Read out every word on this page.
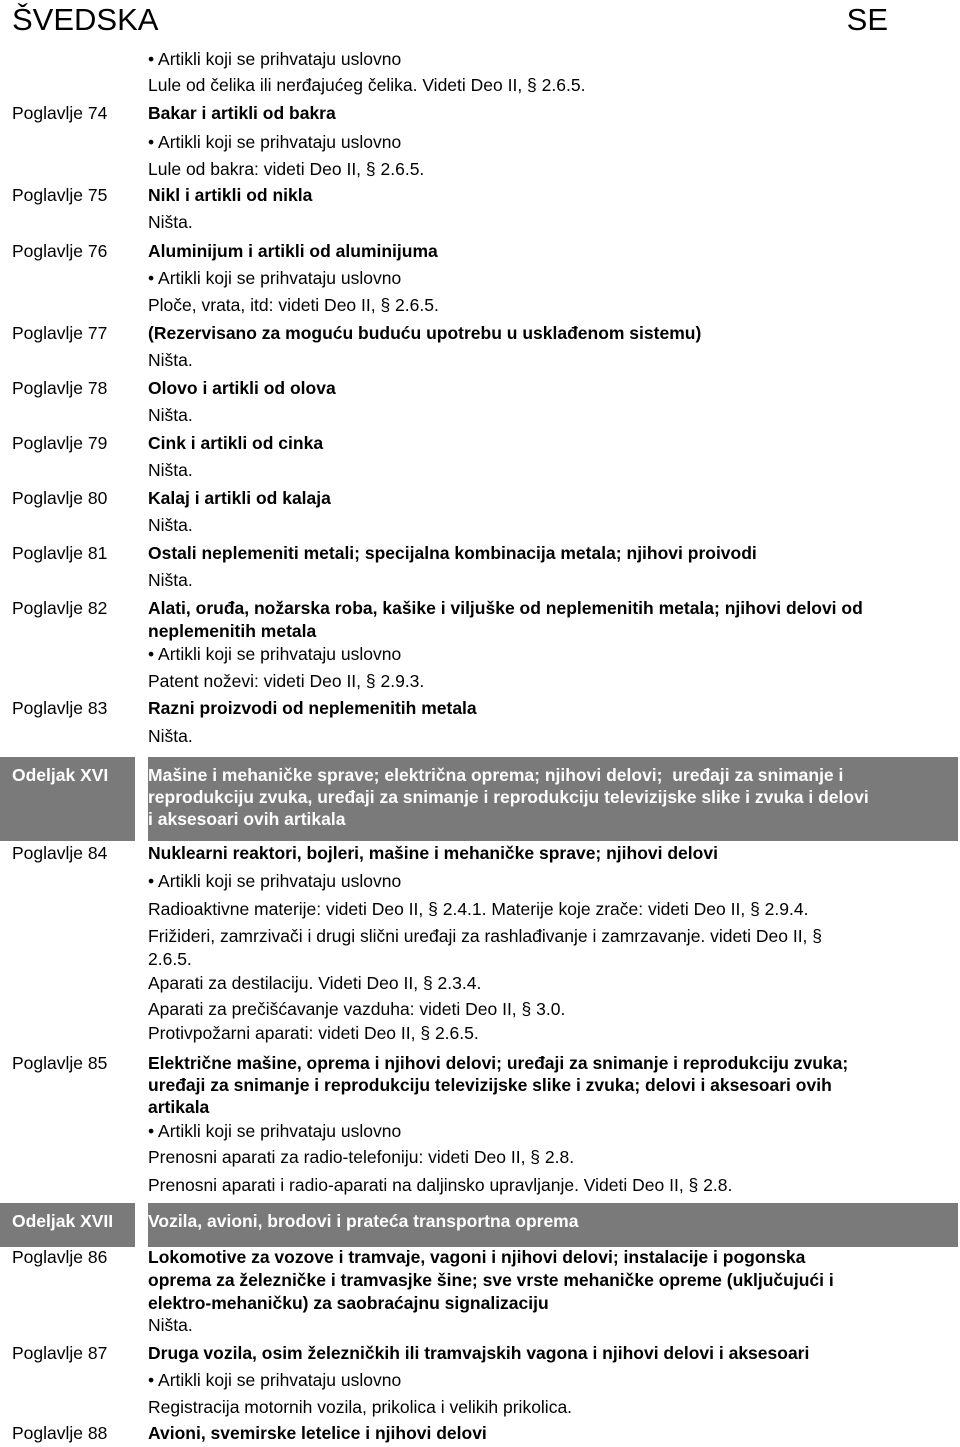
ŠVEDSKA	SE
• Artikli koji se prihvataju uslovno
Lule od čelika ili nerđajućeg čelika. Videti Deo II, § 2.6.5.
Poglavlje 74 Bakar i artikli od bakra
• Artikli koji se prihvataju uslovno
Lule od bakra: videti Deo II, § 2.6.5.
Poglavlje 75 Nikl i artikli od nikla
Ništa.
Poglavlje 76 Aluminijum i artikli od aluminijuma
• Artikli koji se prihvataju uslovno
Ploče, vrata, itd: videti Deo II, § 2.6.5.
Poglavlje 77 (Rezervisano za moguću buduću upotrebu u usklađenom sistemu)
Ništa.
Poglavlje 78 Olovo i artikli od olova
Ništa.
Poglavlje 79 Cink i artikli od cinka
Ništa.
Poglavlje 80 Kalaj i artikli od kalaja
Ništa.
Poglavlje 81 Ostali neplemeniti metali; specijalna kombinacija metala; njihovi proivodi
Ništa.
Poglavlje 82 Alati, oruđa, nožarska roba, kašike i viljuške od neplemenitih metala; njihovi delovi od
neplemenitih metala
• Artikli koji se prihvataju uslovno
Patent noževi: videti Deo II, § 2.9.3.
Poglavlje 83 Razni proizvodi od neplemenitih metala
Ništa.
Poglavlje 84 Nuklearni reaktori, bojleri, mašine i mehaničke sprave; njihovi delovi
• Artikli koji se prihvataju uslovno
Radioaktivne materije: videti Deo II, § 2.4.1. Materije koje zrače: videti Deo II, § 2.9.4.
Frižideri, zamrzivači i drugi slični uređaji za rashlađivanje i zamrzavanje. videti Deo II, §
2.6.5.
Aparati za destilaciju. Videti Deo II, § 2.3.4.
Aparati za prečišćavanje vazduha: videti Deo II, § 3.0.
Protivpožarni aparati: videti Deo II, § 2.6.5.
Poglavlje 85 Električne mašine, oprema i njihovi delovi; uređaji za snimanje i reprodukciju zvuka;
uređaji za snimanje i reprodukciju televizijske slike i zvuka; delovi i aksesoari ovih
artikala
• Artikli koji se prihvataju uslovno
Prenosni aparati za radio-telefoniju: videti Deo II, § 2.8.
Prenosni aparati i radio-aparati na daljinsko upravljanje. Videti Deo II, § 2.8.
Poglavlje 86 Lokomotive za vozove i tramvaje, vagoni i njihovi delovi; instalacije i pogonska
oprema za železničke i tramvasjke šine; sve vrste mehaničke opreme (uključujući i
elektro-mehaničku) za saobraćajnu signalizaciju
Ništa.
Poglavlje 87 Druga vozila, osim železničkih ili tramvajskih vagona i njihovi delovi i aksesoari
• Artikli koji se prihvataju uslovno
Registracija motornih vozila, prikolica i velikih prikolica.
Poglavlje 88 Avioni, svemirske letelice i njihovi delovi
Odeljak XVI Mašine i mehaničke sprave; električna oprema; njihovi delovi;  uređaji za snimanje i
reprodukciju zvuka, uređaji za snimanje i reprodukciju televizijske slike i zvuka i delovi
i aksesoari ovih artikala
Odeljak XVII Vozila, avioni, brodovi i prateća transportna oprema
